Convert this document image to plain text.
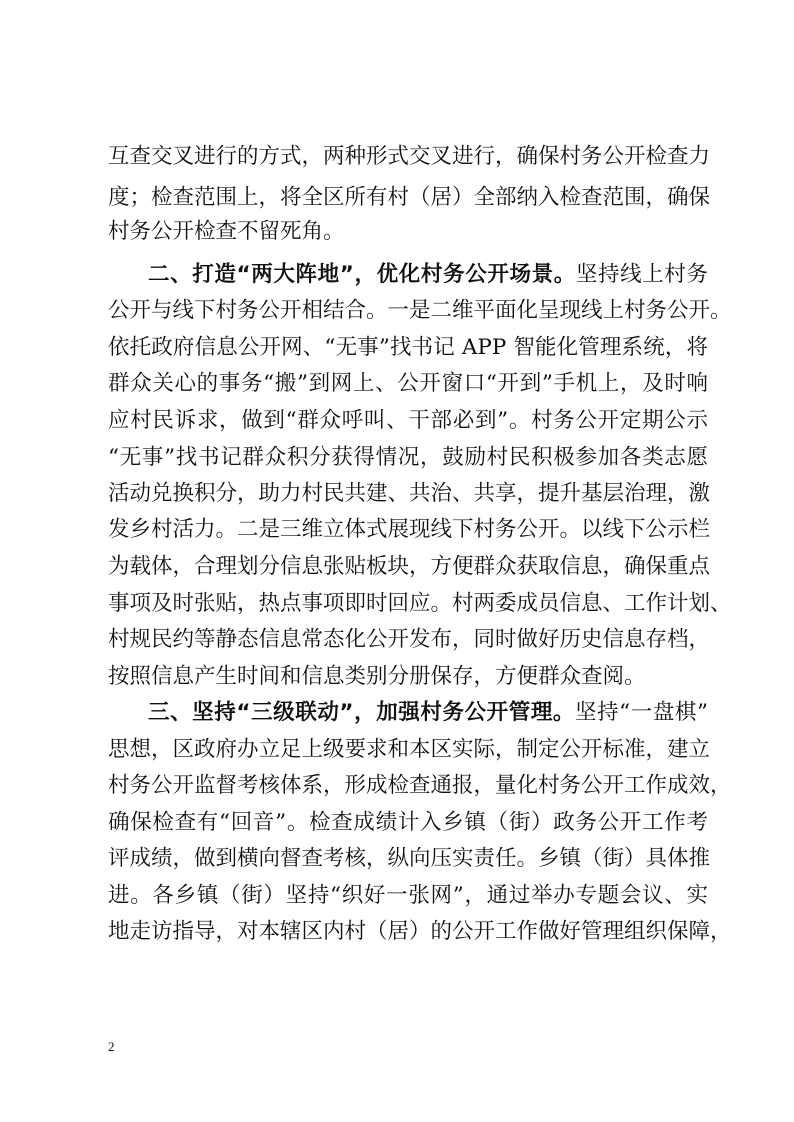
互查交叉进行的方式，两种形式交叉进行，确保村务公开检查力
度；检查范围上，将全区所有村（居）全部纳入检查范围，确保
村务公开检查不留死角。
二、打造“两大阵地”，优化村务公开场景。坚持线上村务
公开与线下村务公开相结合。一是二维平面化呈现线上村务公开。
依托政府信息公开网、“无事”找书记 APP 智能化管理系统，将
群众关心的事务“搬”到网上、公开窗口“开到”手机上，及时响
应村民诉求，做到“群众呼叫、干部必到”。村务公开定期公示
“无事”找书记群众积分获得情况，鼓励村民积极参加各类志愿
活动兑换积分，助力村民共建、共治、共享，提升基层治理，激
发乡村活力。二是三维立体式展现线下村务公开。以线下公示栏
为载体，合理划分信息张贴板块，方便群众获取信息，确保重点
事项及时张贴，热点事项即时回应。村两委成员信息、工作计划、
村规民约等静态信息常态化公开发布，同时做好历史信息存档，
按照信息产生时间和信息类别分册保存，方便群众查阅。
三、坚持“三级联动”，加强村务公开管理。坚持“一盘棋”
思想，区政府办立足上级要求和本区实际，制定公开标准，建立
村务公开监督考核体系，形成检查通报，量化村务公开工作成效，
确保检查有“回音”。检查成绩计入乡镇（街）政务公开工作考
评成绩，做到横向督查考核，纵向压实责任。乡镇（街）具体推
进。各乡镇（街）坚持“织好一张网”，通过举办专题会议、实
地走访指导，对本辖区内村（居）的公开工作做好管理组织保障，
2
